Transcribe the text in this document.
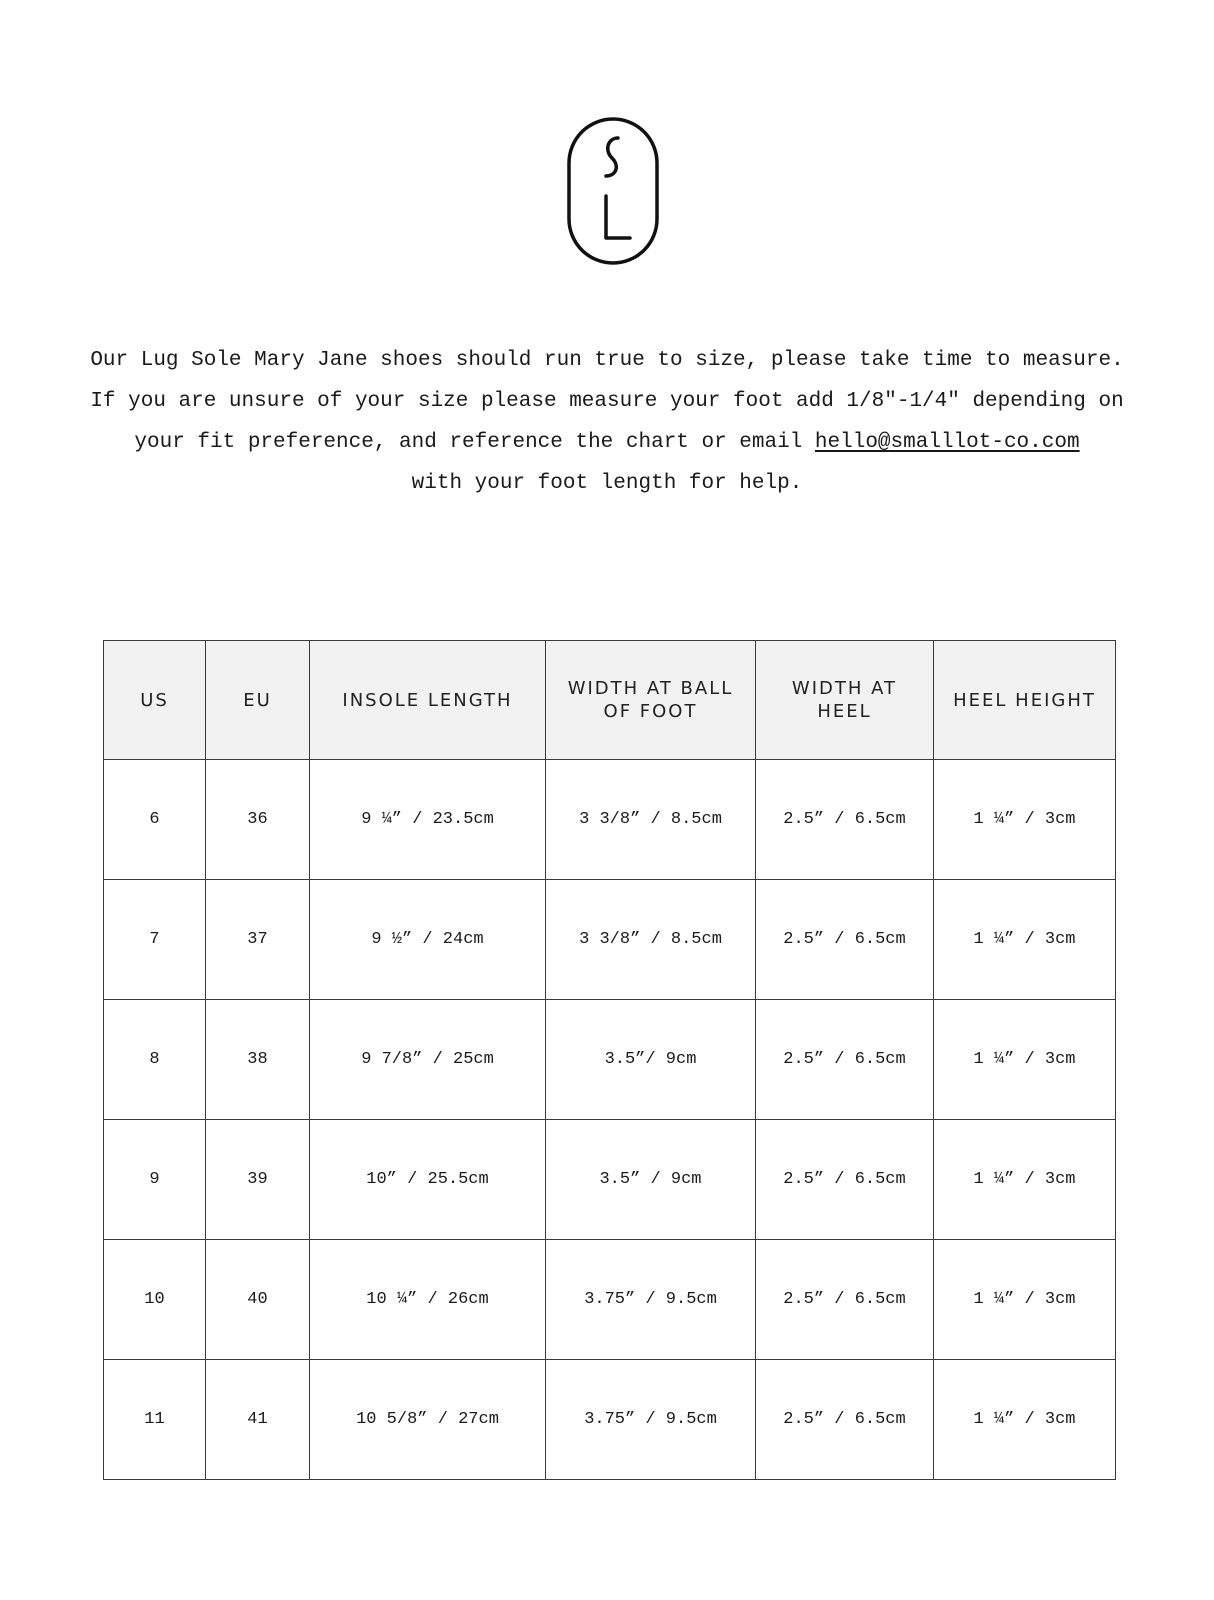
Our Lug Sole Mary Jane shoes should run true to size, please take time to measure.

If you are unsure of your size please measure your foot add 1/8"-1/4" depending on

your fit preference, and reference the chart or email hello@smalllot-co.com

with your foot length for help.

US	EU	INSOLE LENGTH	WIDTH AT BALL OF FOOT	WIDTH AT HEEL	HEEL HEIGHT
6	36	9 ¼” / 23.5cm	3 3/8” / 8.5cm	2.5” / 6.5cm	1 ¼” / 3cm
7	37	9 ½” / 24cm	3 3/8” / 8.5cm	2.5” / 6.5cm	1 ¼” / 3cm
8	38	9 7/8” / 25cm	3.5”/ 9cm	2.5” / 6.5cm	1 ¼” / 3cm
9	39	10” / 25.5cm	3.5” / 9cm	2.5” / 6.5cm	1 ¼” / 3cm
10	40	10 ¼” / 26cm	3.75” / 9.5cm	2.5” / 6.5cm	1 ¼” / 3cm
11	41	10 5/8” / 27cm	3.75” / 9.5cm	2.5” / 6.5cm	1 ¼” / 3cm
